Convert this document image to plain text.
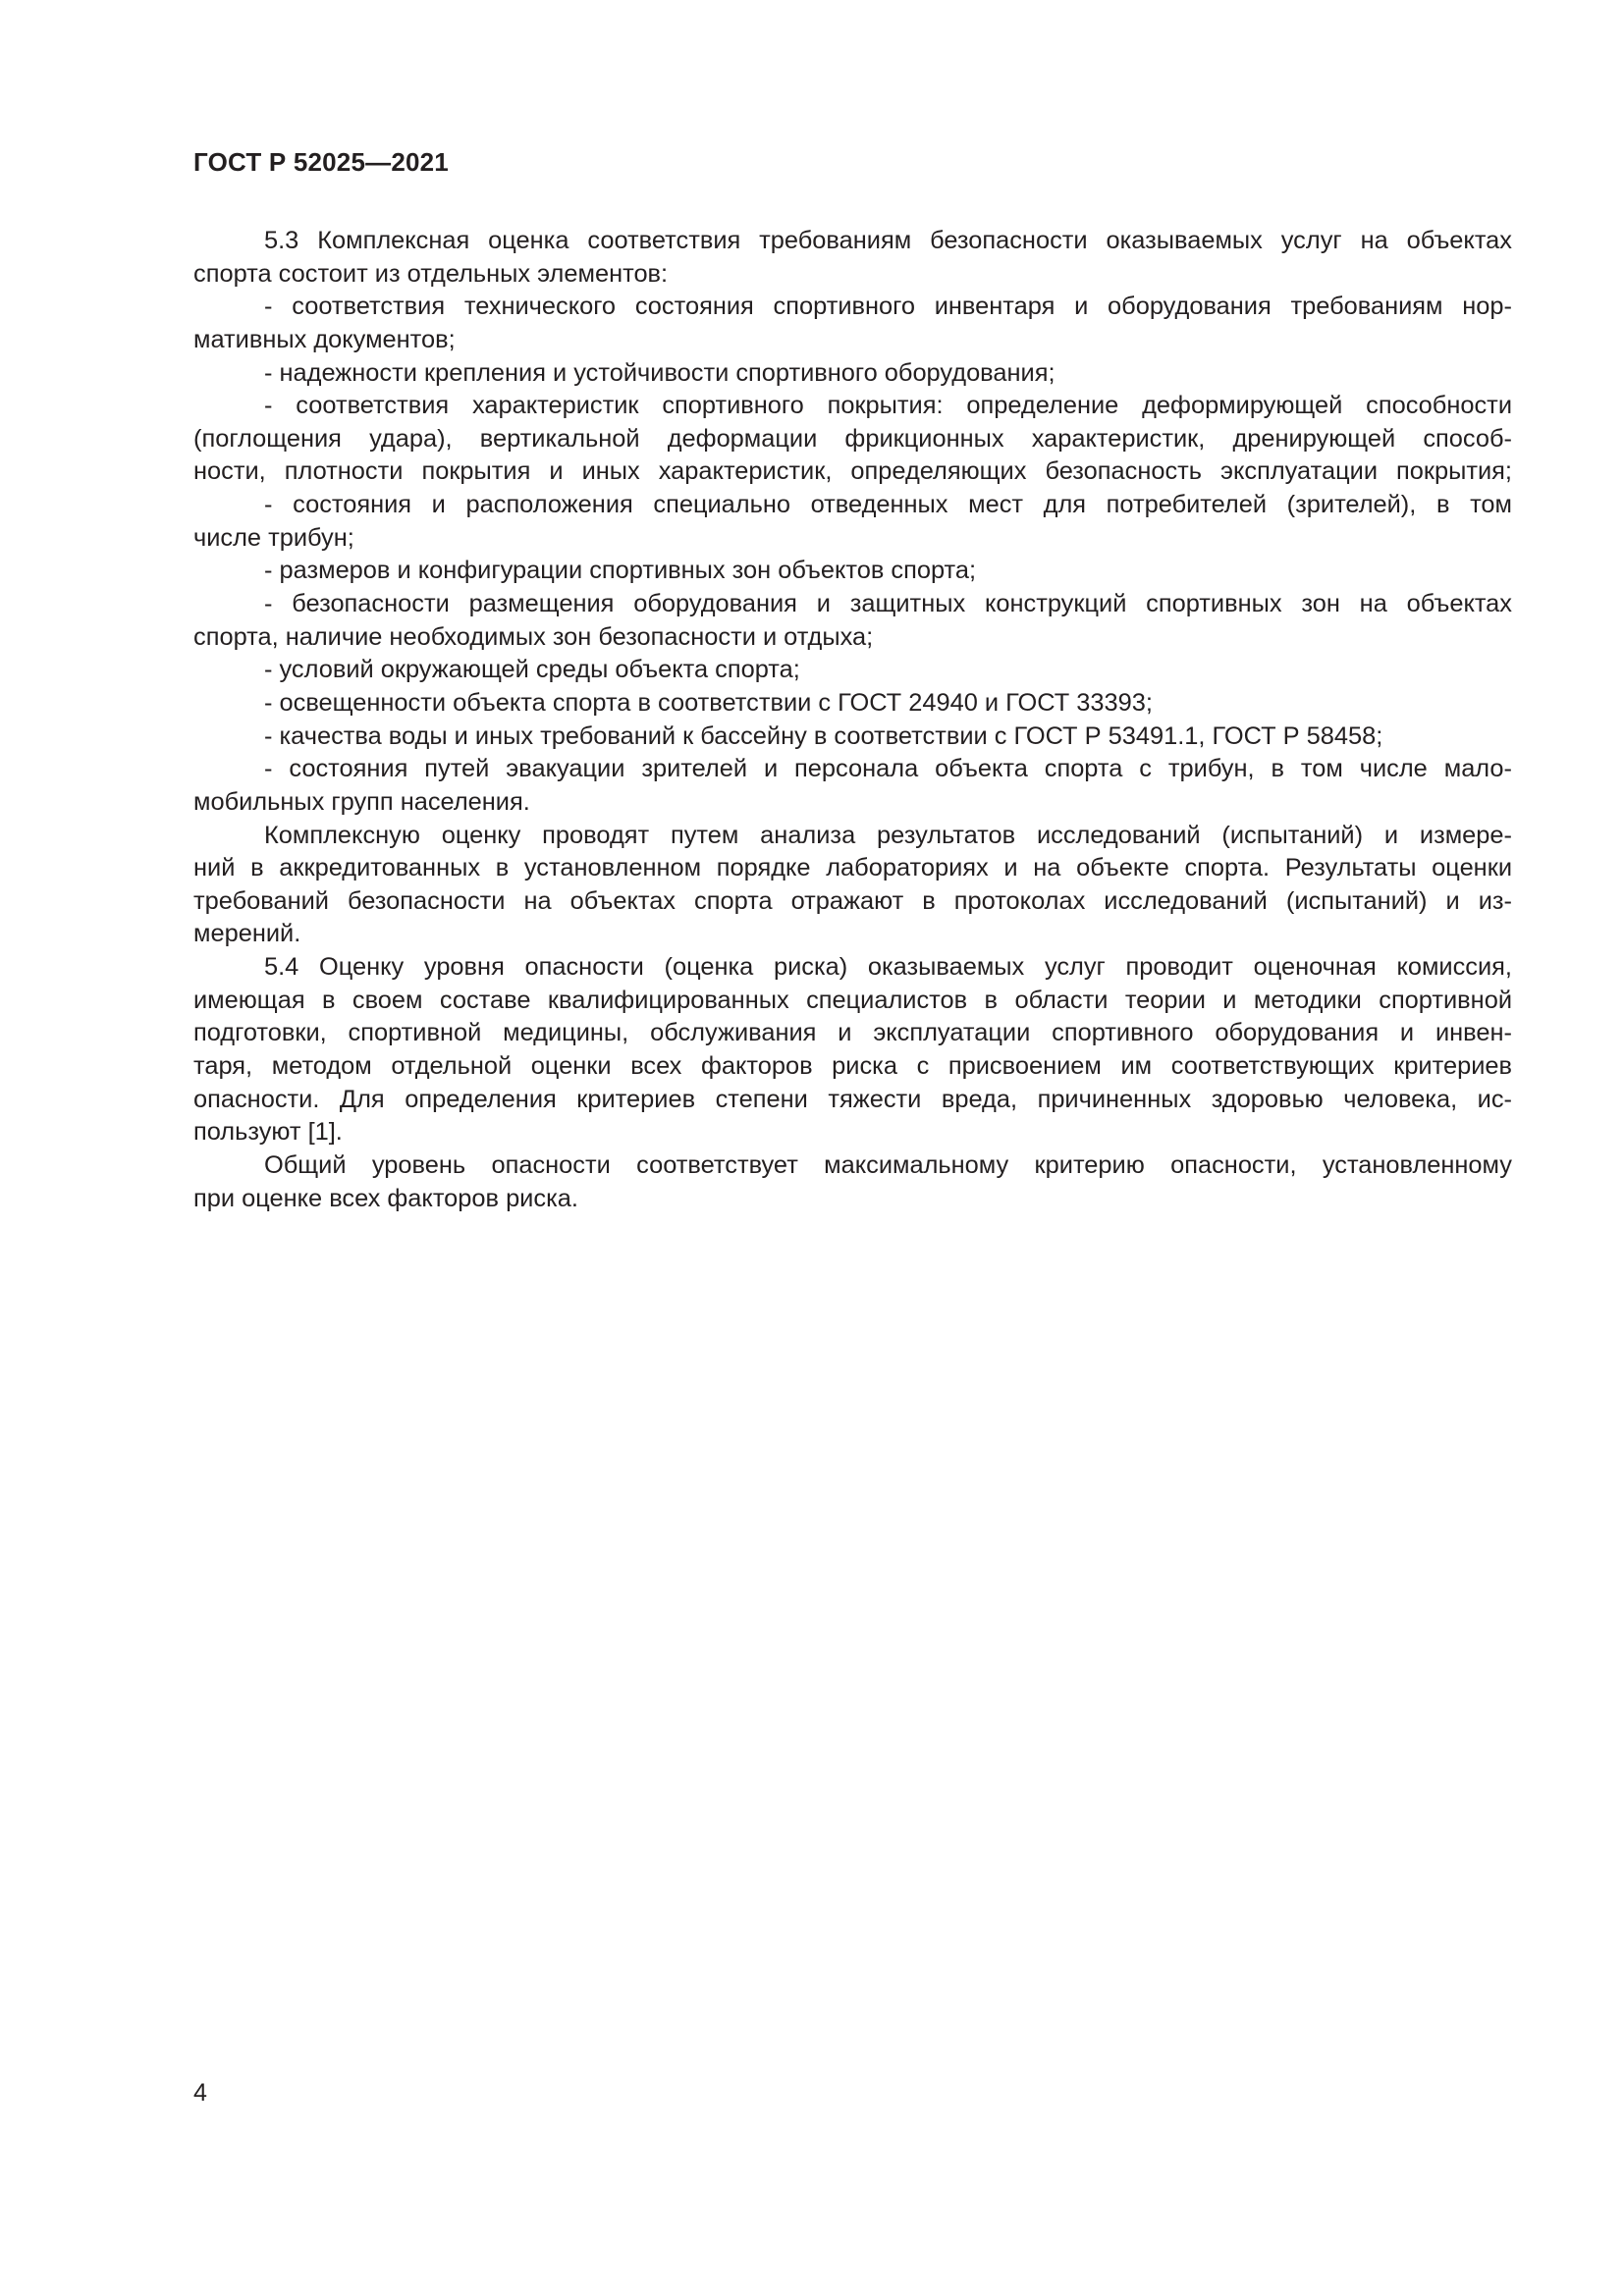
ГОСТ Р 52025—2021
5.3 Комплексная оценка соответствия требованиям безопасности оказываемых услуг на объектах
спорта состоит из отдельных элементов:
- соответствия технического состояния спортивного инвентаря и оборудования требованиям нор-
мативных документов;
- надежности крепления и устойчивости спортивного оборудования;
- соответствия характеристик спортивного покрытия: определение деформирующей способности
(поглощения удара), вертикальной деформации фрикционных характеристик, дренирующей способ-
ности, плотности покрытия и иных характеристик, определяющих безопасность эксплуатации покрытия;
- состояния и расположения специально отведенных мест для потребителей (зрителей), в том
числе трибун;
- размеров и конфигурации спортивных зон объектов спорта;
- безопасности размещения оборудования и защитных конструкций спортивных зон на объектах
спорта, наличие необходимых зон безопасности и отдыха;
- условий окружающей среды объекта спорта;
- освещенности объекта спорта в соответствии с ГОСТ 24940 и ГОСТ 33393;
- качества воды и иных требований к бассейну в соответствии с ГОСТ Р 53491.1, ГОСТ Р 58458;
- состояния путей эвакуации зрителей и персонала объекта спорта с трибун, в том числе мало-
мобильных групп населения.
Комплексную оценку проводят путем анализа результатов исследований (испытаний) и измере-
ний в аккредитованных в установленном порядке лабораториях и на объекте спорта. Результаты оценки
требований безопасности на объектах спорта отражают в протоколах исследований (испытаний) и из-
мерений.
5.4 Оценку уровня опасности (оценка риска) оказываемых услуг проводит оценочная комиссия,
имеющая в своем составе квалифицированных специалистов в области теории и методики спортивной
подготовки, спортивной медицины, обслуживания и эксплуатации спортивного оборудования и инвен-
таря, методом отдельной оценки всех факторов риска с присвоением им соответствующих критериев
опасности. Для определения критериев степени тяжести вреда, причиненных здоровью человека, ис-
пользуют [1].
Общий уровень опасности соответствует максимальному критерию опасности, установленному
при оценке всех факторов риска.
4
